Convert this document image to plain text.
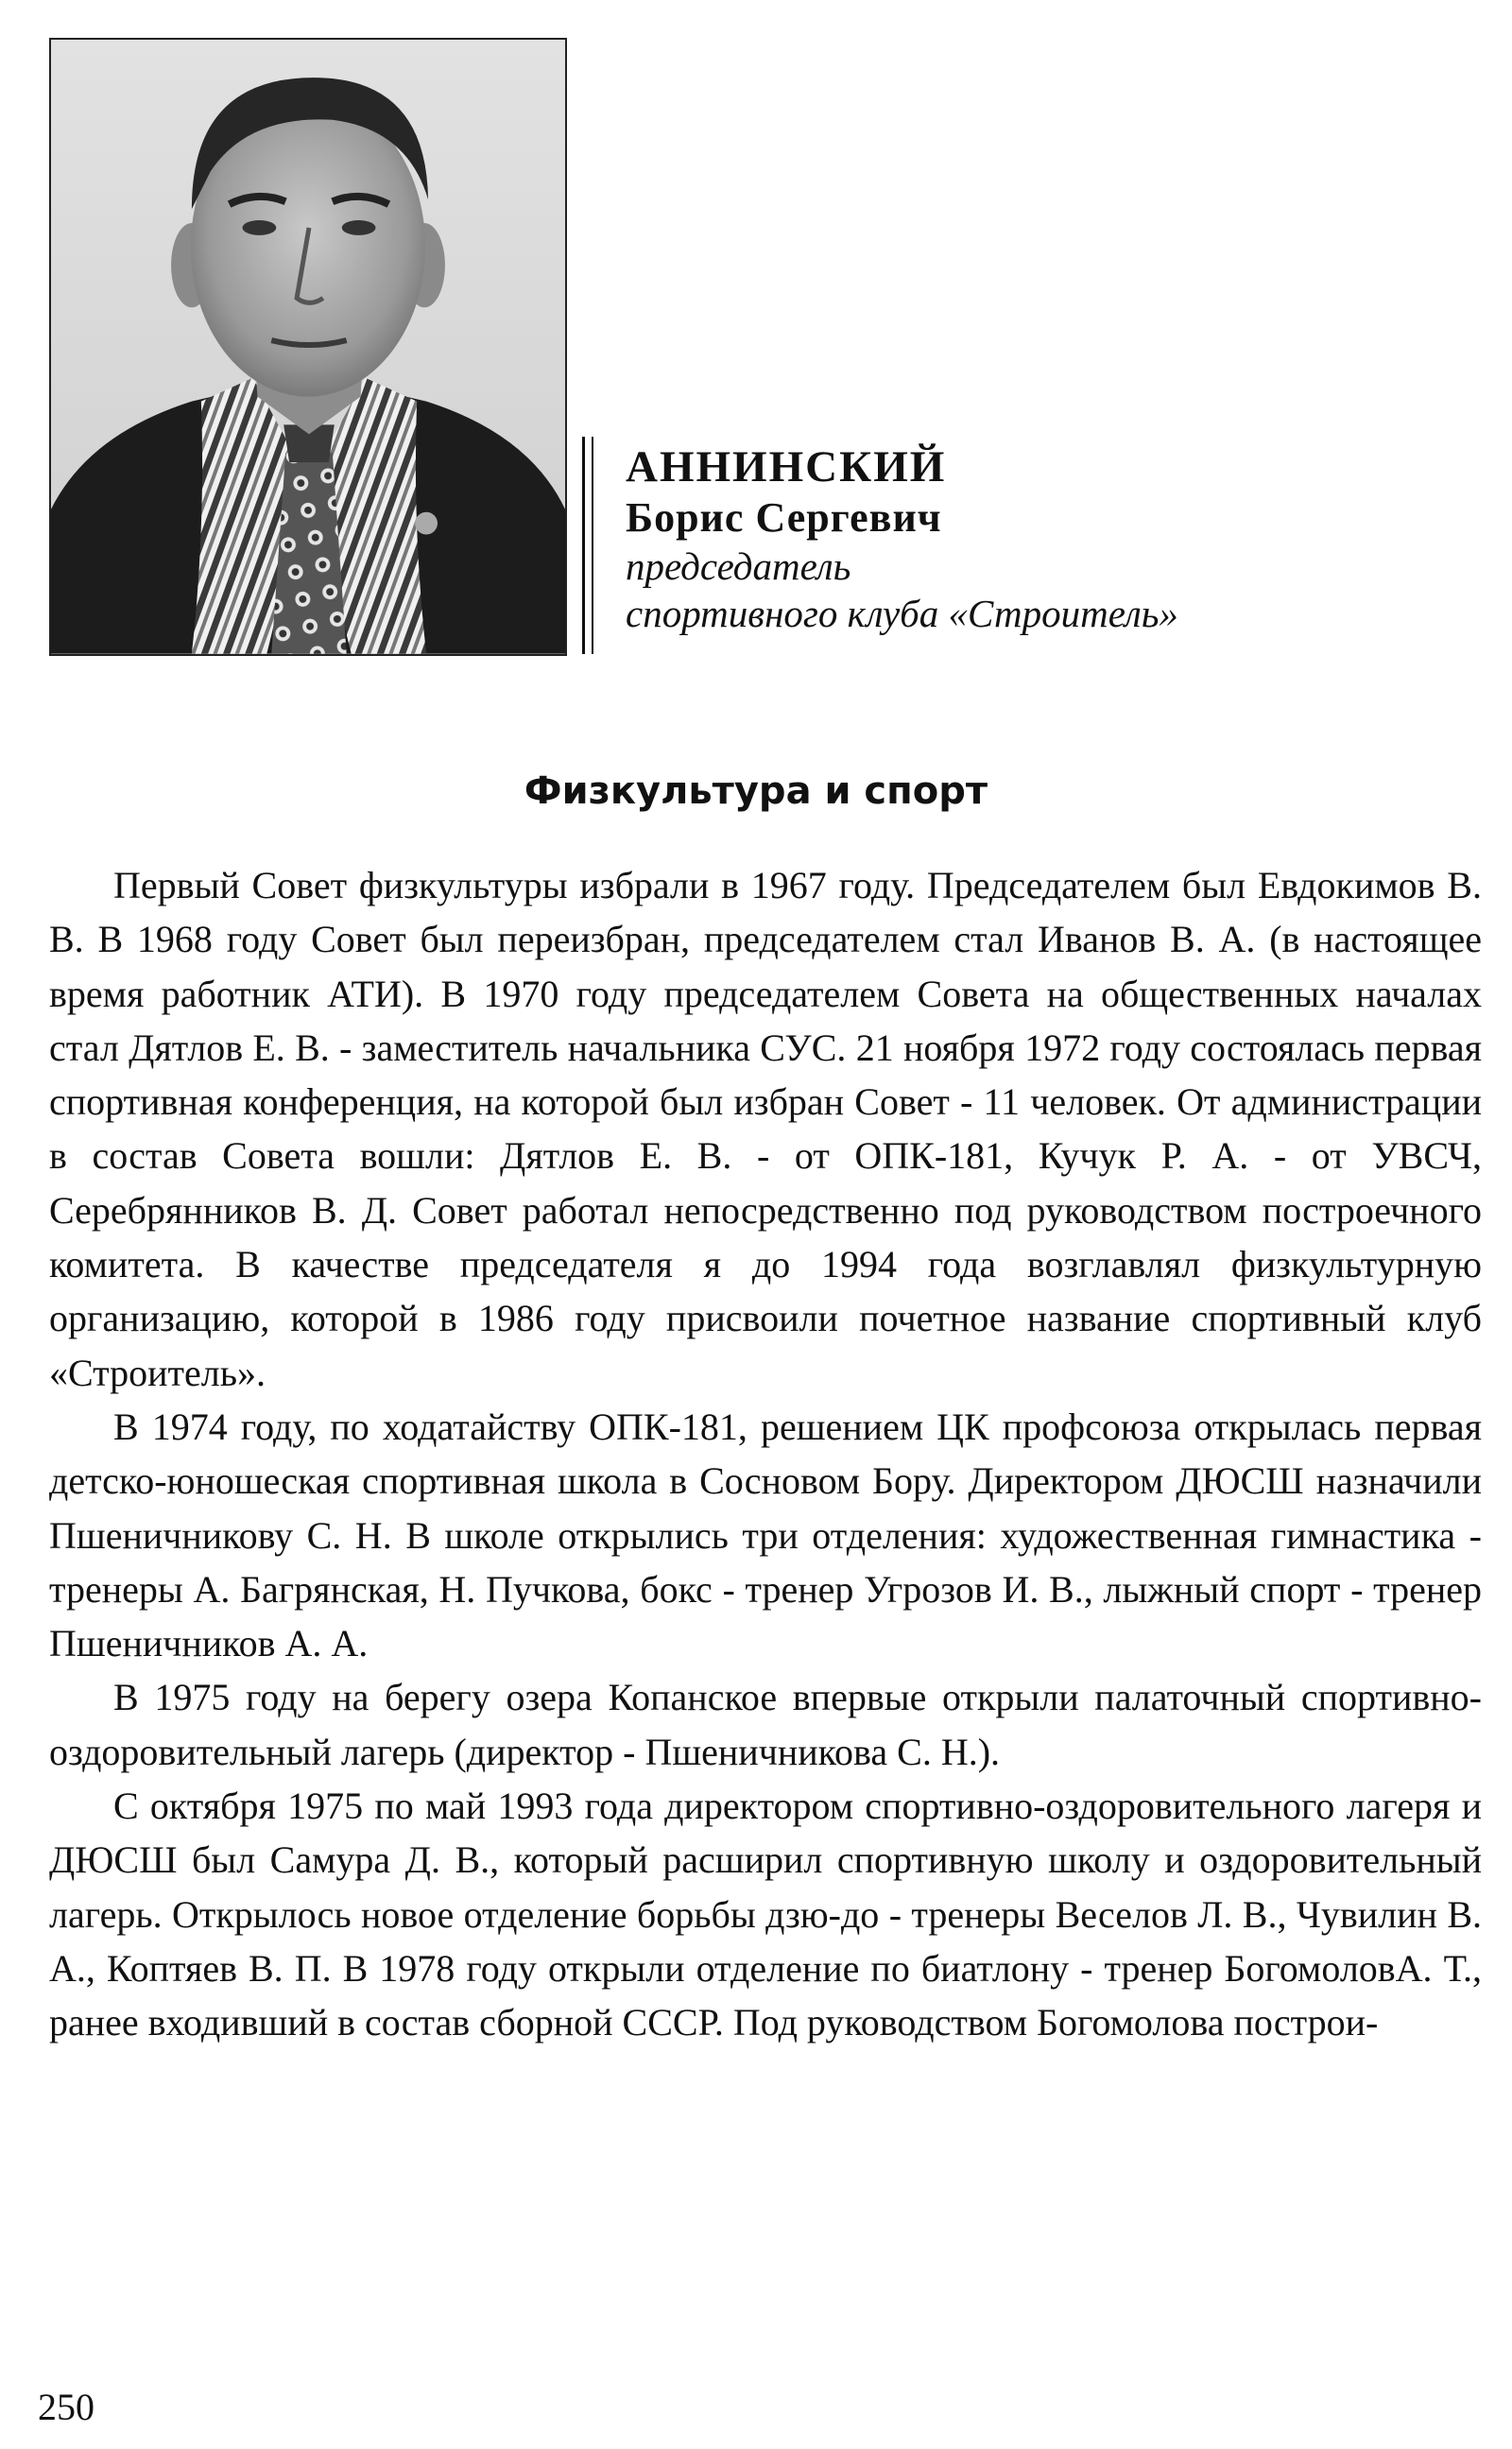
АННИНСКИЙ
Борис Сергевич
председатель
спортивного клуба «Строитель»
Физкультура и спорт

Первый Совет физкультуры избрали в 1967 году. Председателем был Евдокимов В. В. В 1968 году Совет был переизбран, председателем стал Иванов В. А. (в настоящее время работник АТИ). В 1970 году председателем Совета на общественных началах стал Дятлов Е. В. - заместитель начальника СУС. 21 ноября 1972 году состоялась первая спортивная конференция, на которой был избран Совет - 11 человек. От администрации в состав Совета вошли: Дятлов Е. В. - от ОПК-181, Кучук Р. А. - от УВСЧ, Серебрянников В. Д. Совет работал непосредственно под руководством построечного комитета. В качестве председателя я до 1994 года возглавлял физкультурную организацию, которой в 1986 году присвоили почетное название спортивный клуб «Строитель».

В 1974 году, по ходатайству ОПК-181, решением ЦК профсоюза открылась первая детско-юношеская спортивная школа в Сосновом Бору. Директором ДЮСШ назначили Пшеничникову С. Н. В школе открылись три отделения: художественная гимнастика - тренеры А. Багрянская, Н. Пучкова, бокс - тренер Угрозов И. В., лыжный спорт - тренер Пшеничников А. А.

В 1975 году на берегу озера Копанское впервые открыли палаточный спортивно-оздоровительный лагерь (директор - Пшеничникова С. Н.).

С октября 1975 по май 1993 года директором спортивно-оздоровительного лагеря и ДЮСШ был Самура Д. В., который расширил спортивную школу и оздоровительный лагерь. Открылось новое отделение борьбы дзю-до - тренеры Веселов Л. В., Чувилин В. А., Коптяев В. П. В 1978 году открыли отделение по биатлону - тренер БогомоловА. Т., ранее входивший в состав сборной СССР. Под руководством Богомолова построи-

250
